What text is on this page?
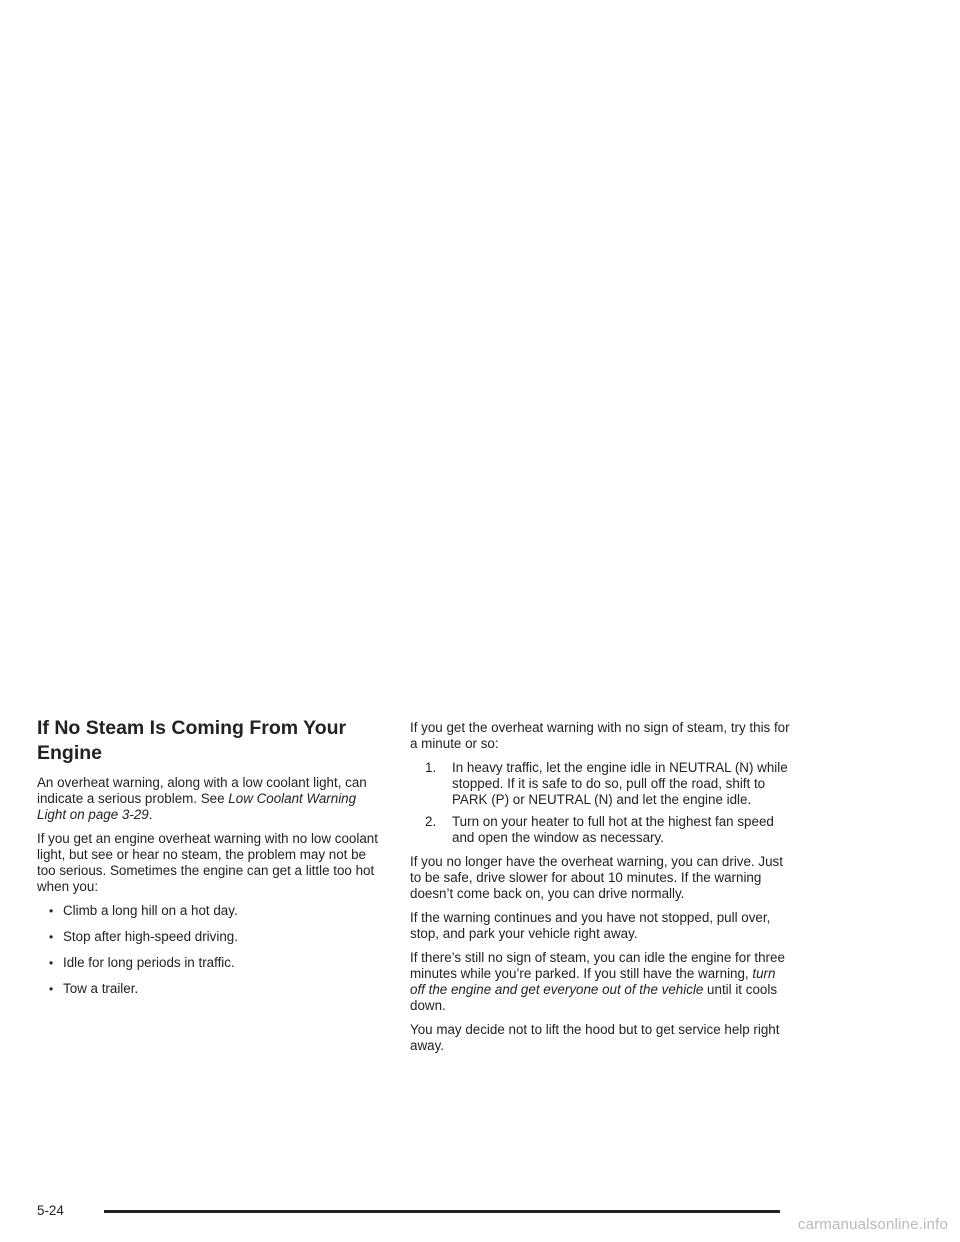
If No Steam Is Coming From Your Engine

An overheat warning, along with a low coolant light, can indicate a serious problem. See Low Coolant Warning Light on page 3-29.

If you get an engine overheat warning with no low coolant light, but see or hear no steam, the problem may not be too serious. Sometimes the engine can get a little too hot when you:

• Climb a long hill on a hot day.
• Stop after high-speed driving.
• Idle for long periods in traffic.
• Tow a trailer.

If you get the overheat warning with no sign of steam, try this for a minute or so:

1. In heavy traffic, let the engine idle in NEUTRAL (N) while stopped. If it is safe to do so, pull off the road, shift to PARK (P) or NEUTRAL (N) and let the engine idle.
2. Turn on your heater to full hot at the highest fan speed and open the window as necessary.

If you no longer have the overheat warning, you can drive. Just to be safe, drive slower for about 10 minutes. If the warning doesn’t come back on, you can drive normally.

If the warning continues and you have not stopped, pull over, stop, and park your vehicle right away.

If there’s still no sign of steam, you can idle the engine for three minutes while you’re parked. If you still have the warning, turn off the engine and get everyone out of the vehicle until it cools down.

You may decide not to lift the hood but to get service help right away.

5-24
carmanualsonline.info
